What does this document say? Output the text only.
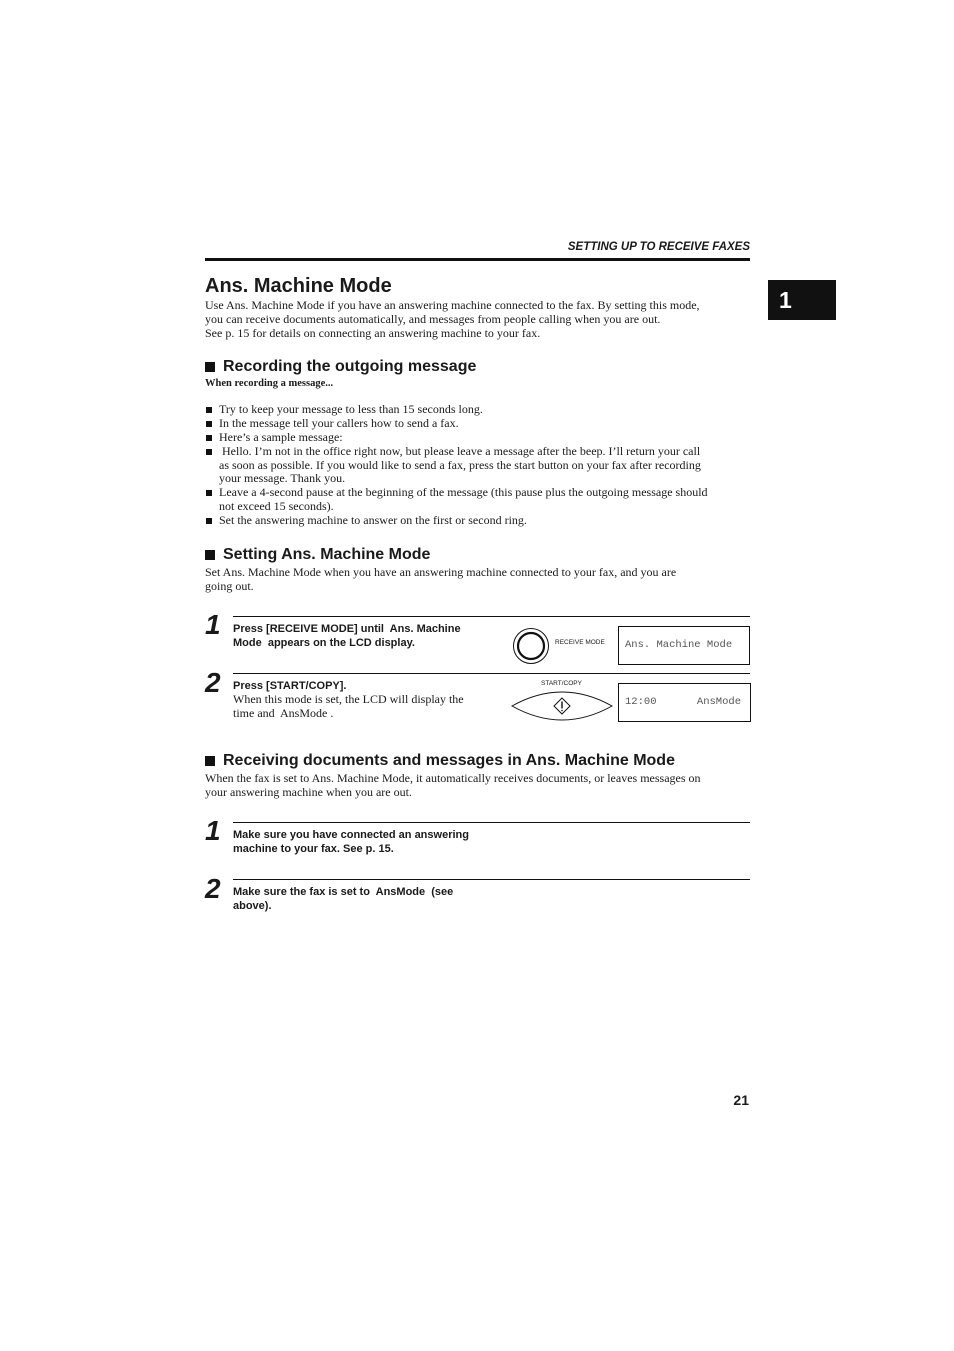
SETTING UP TO RECEIVE FAXES
1
Ans. Machine Mode
Use Ans. Machine Mode if you have an answering machine connected to the fax. By setting this mode,
you can receive documents automatically, and messages from people calling when you are out.
See p. 15 for details on connecting an answering machine to your fax.
Recording the outgoing message
When recording a message...
Try to keep your message to less than 15 seconds long.
In the message tell your callers how to send a fax.
Here’s a sample message:
Hello. I’m not in the office right now, but please leave a message after the beep. I’ll return your call
as soon as possible. If you would like to send a fax, press the start button on your fax after recording
your message. Thank you.
Leave a 4-second pause at the beginning of the message (this pause plus the outgoing message should
not exceed 15 seconds).
Set the answering machine to answer on the first or second ring.
Setting Ans. Machine Mode
Set Ans. Machine Mode when you have an answering machine connected to your fax, and you are
going out.
1 Press [RECEIVE MODE] until  Ans. Machine
Mode  appears on the LCD display.	RECEIVE MODE Ans. Machine Mode
2 Press [START/COPY].
When this mode is set, the LCD will display the
time and  AnsMode .
START/COPY
12:00	AnsMode
Receiving documents and messages in Ans. Machine Mode
When the fax is set to Ans. Machine Mode, it automatically receives documents, or leaves messages on
your answering machine when you are out.
1 Make sure you have connected an answering
machine to your fax. See p. 15.
2 Make sure the fax is set to  AnsMode  (see
above).
21
